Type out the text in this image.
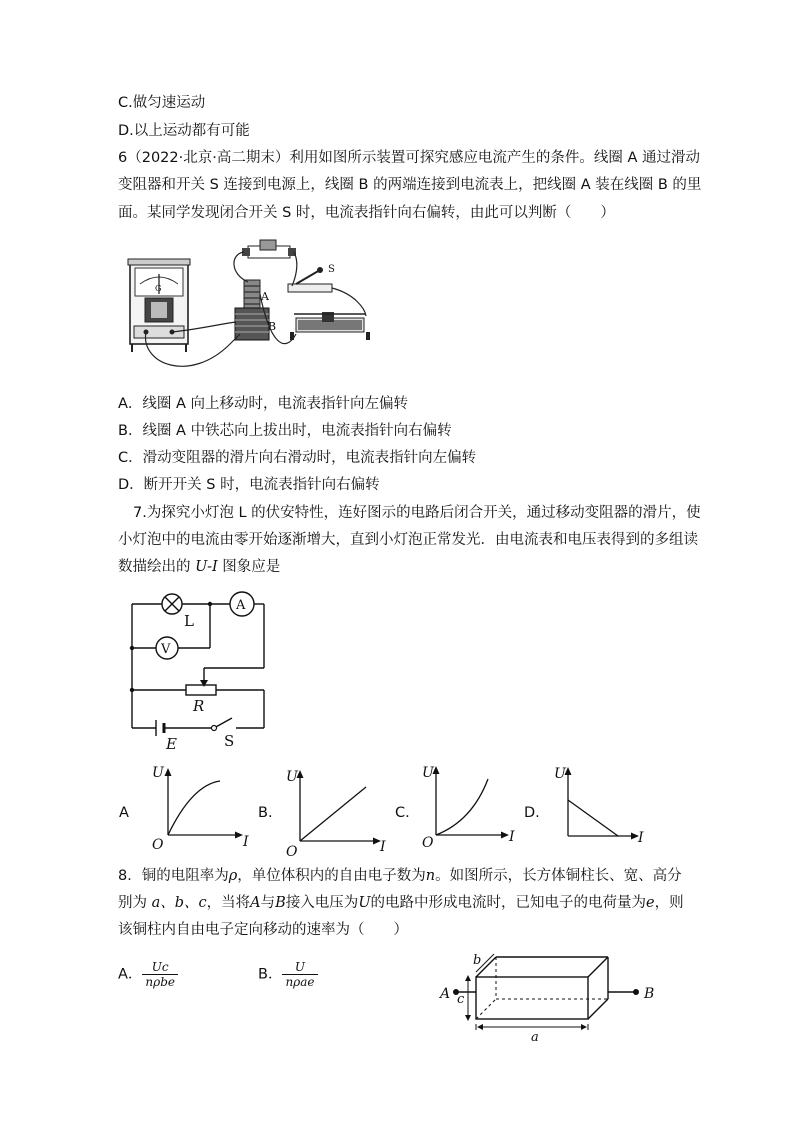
C.做匀速运动
D.以上运动都有可能
6（2022·北京·高二期末）利用如图所示装置可探究感应电流产生的条件。线圈 A 通过滑动
变阻器和开关 S 连接到电源上，线圈 B 的两端连接到电流表上，把线圈 A 装在线圈 B 的里
面。某同学发现闭合开关 S 时，电流表指针向右偏转，由此可以判断（　　）
G
A
B
S
A．线圈 A 向上移动时，电流表指针向左偏转
B．线圈 A 中铁芯向上拔出时，电流表指针向右偏转
C．滑动变阻器的滑片向右滑动时，电流表指针向左偏转
D．断开开关 S 时，电流表指针向右偏转
7.为探究小灯泡 L 的伏安特性，连好图示的电路后闭合开关，通过移动变阻器的滑片，使
小灯泡中的电流由零开始逐渐增大，直到小灯泡正常发光．由电流表和电压表得到的多组读
数描绘出的 U-I 图象应是
L
A
V
R
E	S
A
U
I
O
B.
U
I
O
C.
U
I
O
D.
U
I
8．铜的电阻率为ρ，单位体积内的自由电子数为n。如图所示，长方体铜柱长、宽、高分
别为 a、b、c，当将A与B接入电压为U的电路中形成电流时，已知电子的电荷量为e，则
该铜柱内自由电子定向移动的速率为（　　）
A． $\frac{Uc}{\text{nρbe}}$	B． $\frac{U}{\text{nρae}}$
A	B
c
b
a
